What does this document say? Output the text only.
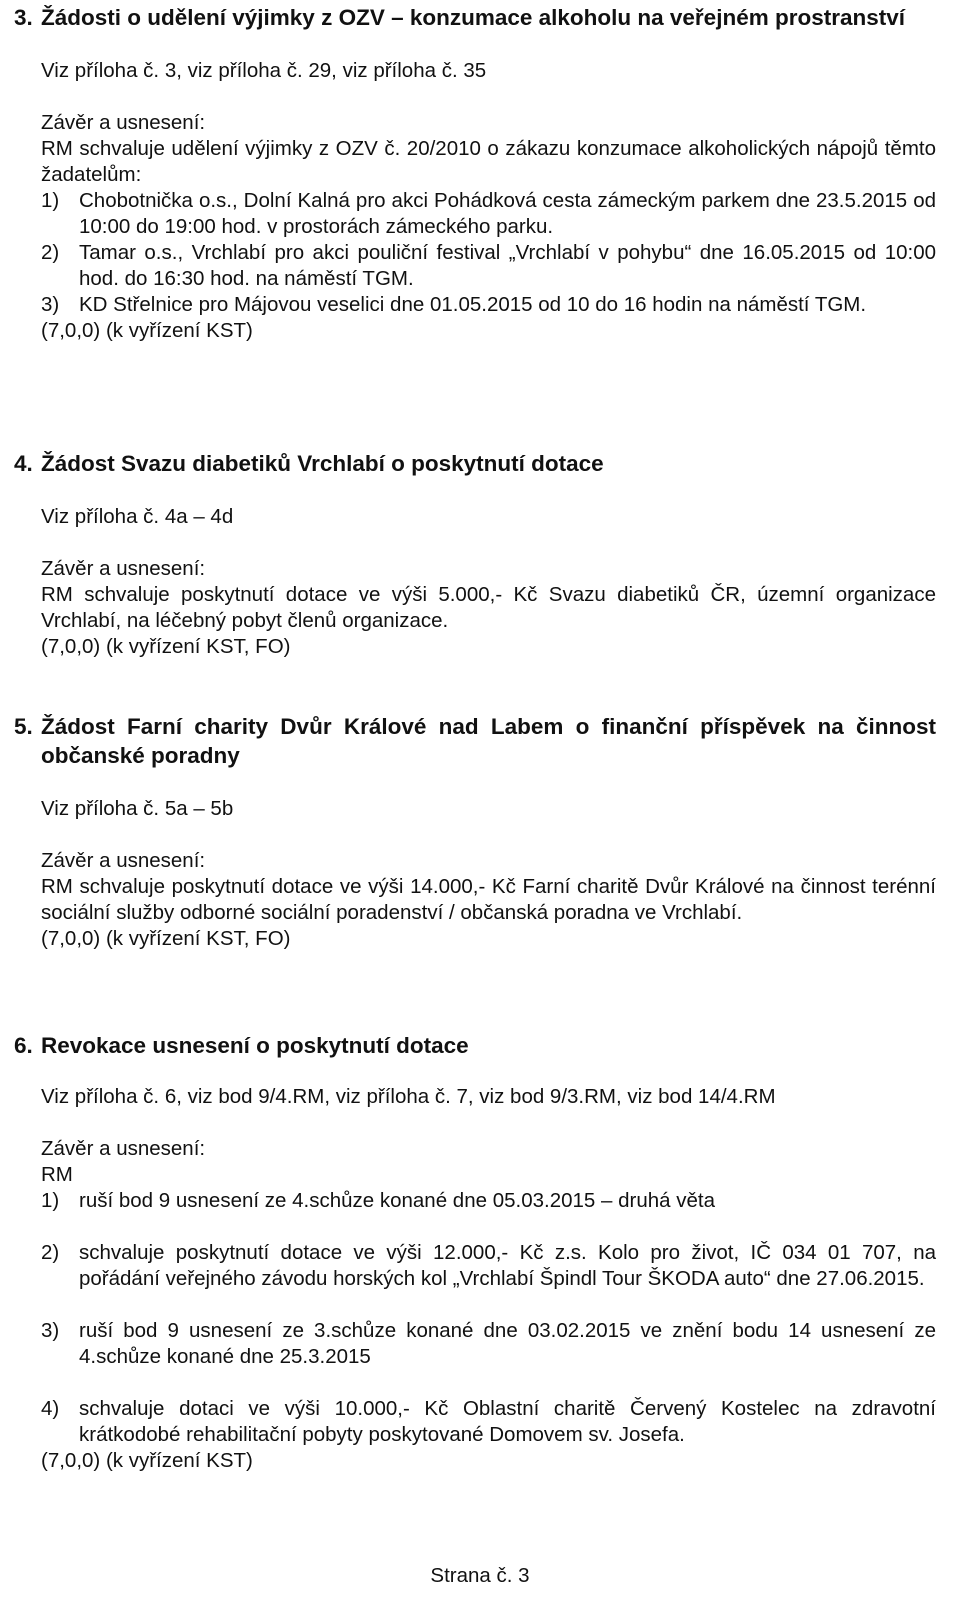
3. Žádosti o udělení výjimky z OZV – konzumace alkoholu na veřejném prostranství
Viz příloha č. 3, viz příloha č. 29, viz příloha č. 35
Závěr a usnesení:
RM schvaluje udělení výjimky z OZV č. 20/2010 o zákazu konzumace alkoholických nápojů těmto žadatelům:
1) Chobotnička o.s., Dolní Kalná pro akci Pohádková cesta zámeckým parkem dne 23.5.2015 od 10:00 do 19:00 hod. v prostorách zámeckého parku.
2) Tamar o.s., Vrchlabí pro akci pouliční festival „Vrchlabí v pohybu“ dne 16.05.2015 od 10:00 hod. do 16:30 hod. na náměstí TGM.
3) KD Střelnice pro Májovou veselici dne 01.05.2015 od 10 do 16 hodin na náměstí TGM.
(7,0,0) (k vyřízení KST)
4. Žádost Svazu diabetiků Vrchlabí o poskytnutí dotace
Viz příloha č. 4a – 4d
Závěr a usnesení:
RM schvaluje poskytnutí dotace ve výši 5.000,- Kč Svazu diabetiků ČR, územní organizace Vrchlabí, na léčebný pobyt členů organizace.
(7,0,0) (k vyřízení KST, FO)
5. Žádost Farní charity Dvůr Králové nad Labem o finanční příspěvek na činnost občanské poradny
Viz příloha č. 5a – 5b
Závěr a usnesení:
RM schvaluje poskytnutí dotace ve výši 14.000,- Kč Farní charitě Dvůr Králové na činnost terénní sociální služby odborné sociální poradenství / občanská poradna ve Vrchlabí.
(7,0,0) (k vyřízení KST, FO)
6. Revokace usnesení o poskytnutí dotace
Viz příloha č. 6, viz bod 9/4.RM, viz příloha č. 7, viz bod 9/3.RM, viz bod 14/4.RM
Závěr a usnesení:
RM
1) ruší bod 9 usnesení ze 4.schůze konané dne 05.03.2015 – druhá věta
2) schvaluje poskytnutí dotace ve výši 12.000,- Kč z.s. Kolo pro život, IČ 034 01 707, na pořádání veřejného závodu horských kol „Vrchlabí Špindl Tour ŠKODA auto“ dne 27.06.2015.
3) ruší bod 9 usnesení ze 3.schůze konané dne 03.02.2015 ve znění bodu 14 usnesení ze 4.schůze konané dne 25.3.2015
4) schvaluje dotaci ve výši 10.000,- Kč Oblastní charitě Červený Kostelec na zdravotní krátkodobé rehabilitační pobyty poskytované Domovem sv. Josefa.
(7,0,0) (k vyřízení KST)
Strana č. 3
